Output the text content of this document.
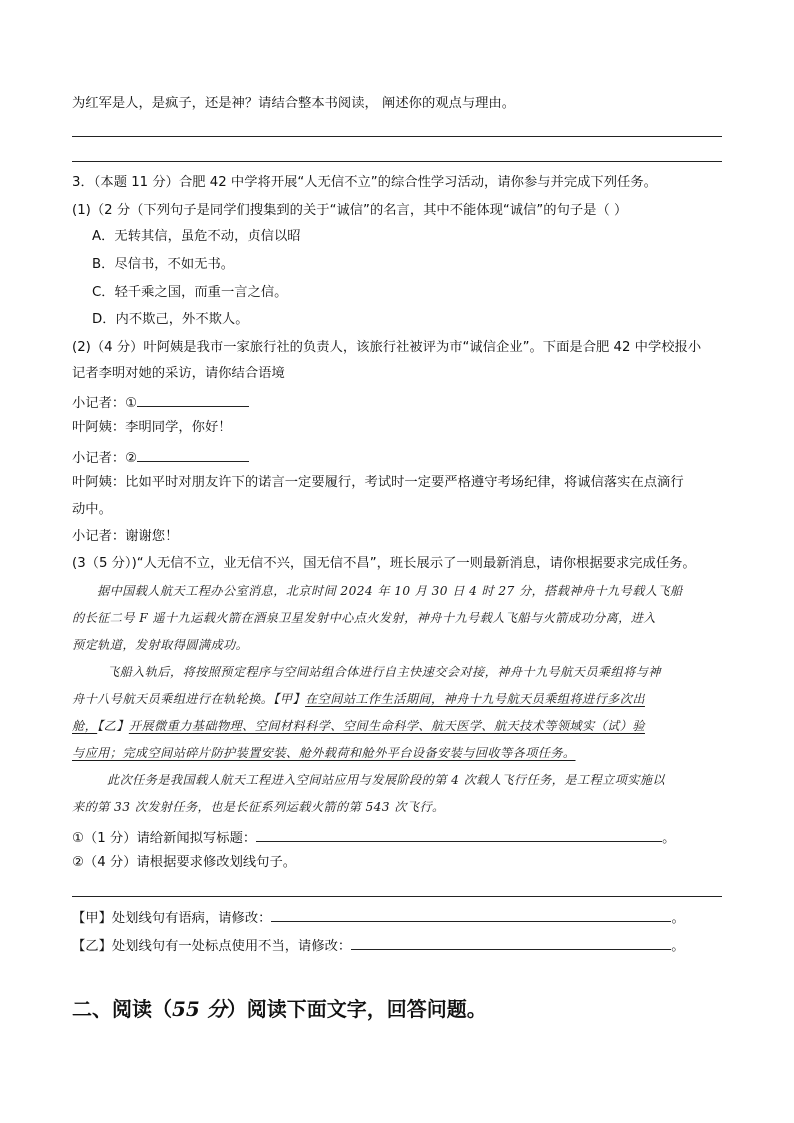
为红军是人，是疯子，还是神？请结合整本书阅读， 阐述你的观点与理由。
3．（本题 11 分）合肥 42 中学将开展“人无信不立”的综合性学习活动，请你参与并完成下列任务。
(1)（2 分（下列句子是同学们搜集到的关于“诚信”的名言，其中不能体现“诚信”的句子是（ ）
A．无转其信，虽危不动，贞信以昭
B．尽信书，不如无书。
C．轻千乘之国，而重一言之信。
D．内不欺己，外不欺人。
(2)（4 分）叶阿姨是我市一家旅行社的负责人，该旅行社被评为市“诚信企业”。下面是合肥 42 中学校报小
记者李明对她的采访，请你结合语境
小记者：①
叶阿姨：李明同学，你好！
小记者：②
叶阿姨：比如平时对朋友许下的诺言一定要履行，考试时一定要严格遵守考场纪律，将诚信落实在点滴行
动中。
小记者：谢谢您！
(3（5 分）)“人无信不立，业无信不兴，国无信不昌”，班长展示了一则最新消息，请你根据要求完成任务。
据中国载人航天工程办公室消息，北京时间 2024 年 10 月 30 日 4 时 27 分，搭载神舟十九号载人飞船
的长征二号 F 遥十九运载火箭在酒泉卫星发射中心点火发射，神舟十九号载人飞船与火箭成功分离，进入
预定轨道，发射取得圆满成功。
飞船入轨后，将按照预定程序与空间站组合体进行自主快速交会对接，神舟十九号航天员乘组将与神
舟十八号航天员乘组进行在轨轮换。【甲】在空间站工作生活期间，神舟十九号航天员乘组将进行多次出
舱，【乙】开展微重力基础物理、空间材料科学、空间生命科学、航天医学、航天技术等领域实（试）验
与应用；完成空间站碎片防护装置安装、舱外载荷和舱外平台设备安装与回收等各项任务。
此次任务是我国载人航天工程进入空间站应用与发展阶段的第 4 次载人飞行任务，是工程立项实施以
来的第 33 次发射任务，也是长征系列运载火箭的第 543 次飞行。
①（1 分）请给新闻拟写标题：	。
②（4 分）请根据要求修改划线句子。
【甲】处划线句有语病，请修改：	。
【乙】处划线句有一处标点使用不当，请修改：	。
二、阅读（55 分）阅读下面文字，回答问题。
